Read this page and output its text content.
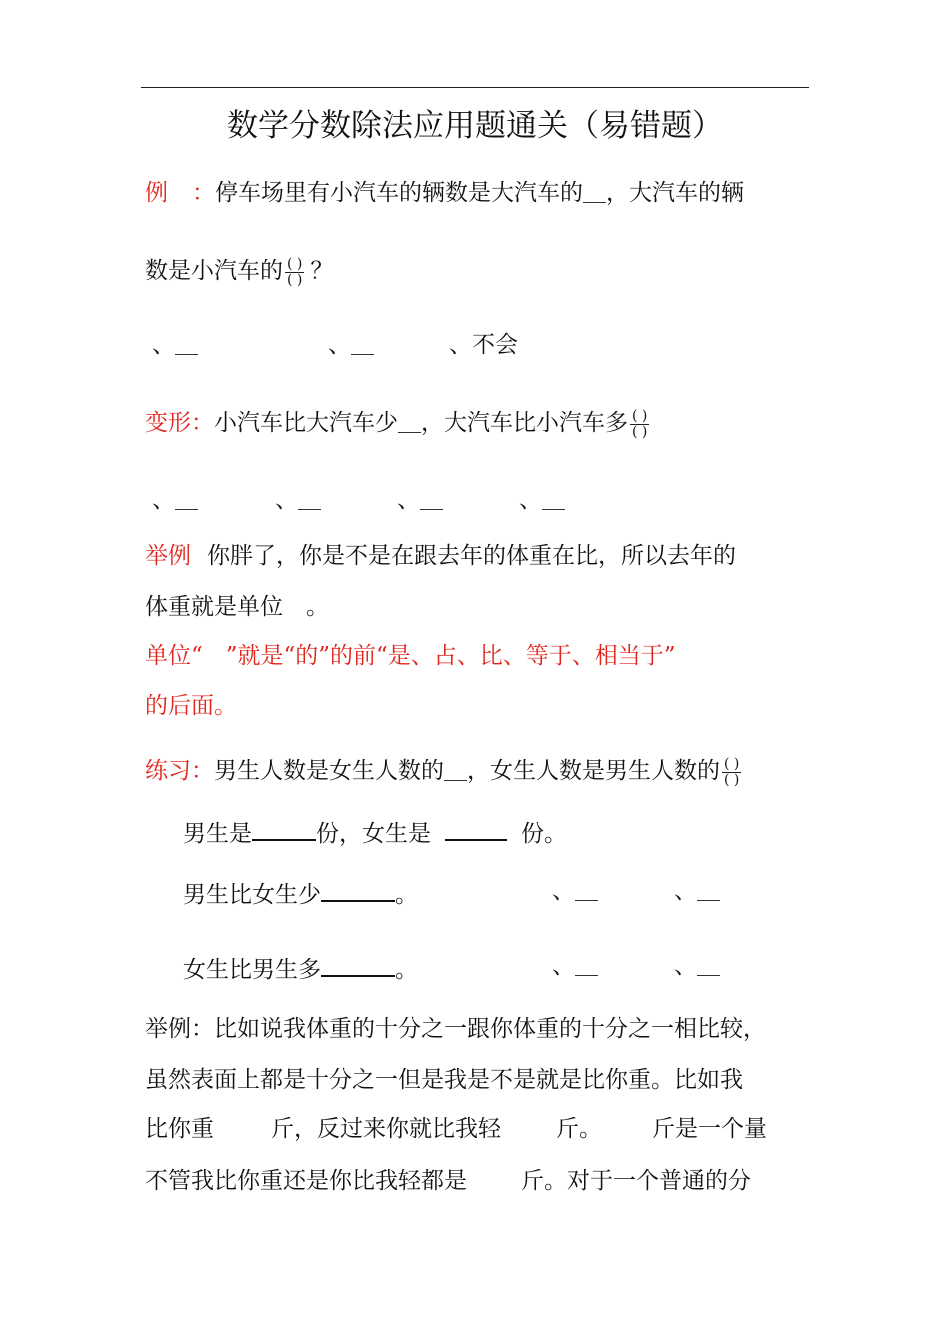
数学分数除法应用题通关（易错题）
例 ：停车场里有小汽车的辆数是大汽车的＿，大汽车的辆
数是小汽车的 $\frac{( )}{( )}$ ？
、＿	、＿	、不会
变形：小汽车比大汽车少＿，大汽车比小汽车多 $\frac{( )}{( )}$
、＿	、＿	、＿	、＿
举例 你胖了，你是不是在跟去年的体重在比，所以去年的
体重就是单位　。
单位“　”就是“的”的前“是、占、比、等于、相当于”
的后面。
练习：男生人数是女生人数的＿，女生人数是男生人数的 $\frac{( )}{( )}$
男生是	份，女生是	份。
男生比女生少	。	、＿	、＿
女生比男生多	。	、＿	、＿
举例：比如说我体重的十分之一跟你体重的十分之一相比较，
虽然表面上都是十分之一但是我是不是就是比你重。比如我
比你重 斤，反过来你就比我轻 斤。 斤是一个量
不管我比你重还是你比我轻都是 斤。对于一个普通的分
